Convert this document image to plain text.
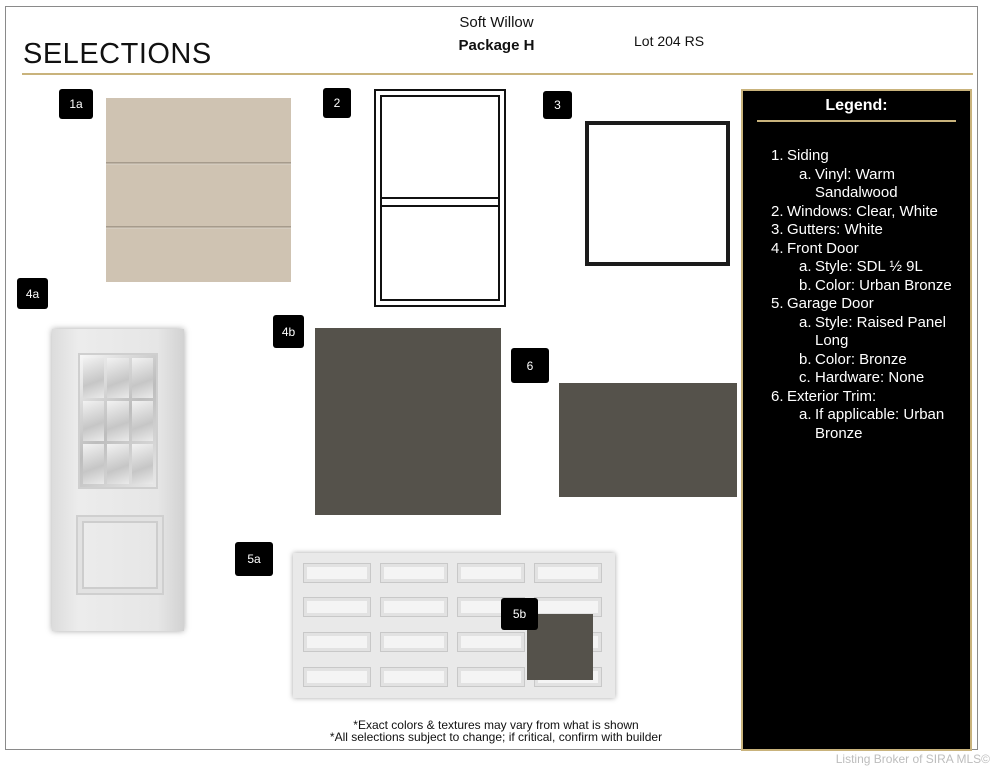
SELECTIONS
Soft Willow
Package H	Lot 204 RS
1a	2	3
4a
4b
6
5a
5b
Legend:
1. Siding
a. Vinyl: Warm Sandalwood
2. Windows: Clear, White
3. Gutters: White
4. Front Door
a. Style: SDL ½ 9L
b. Color: Urban Bronze
5. Garage Door
a. Style: Raised Panel Long
b. Color: Bronze
c. Hardware: None
6. Exterior Trim:
a. If applicable: Urban Bronze
*Exact colors & textures may vary from what is shown
*All selections subject to change; if critical, confirm with builder
Listing Broker of SIRA MLS©
